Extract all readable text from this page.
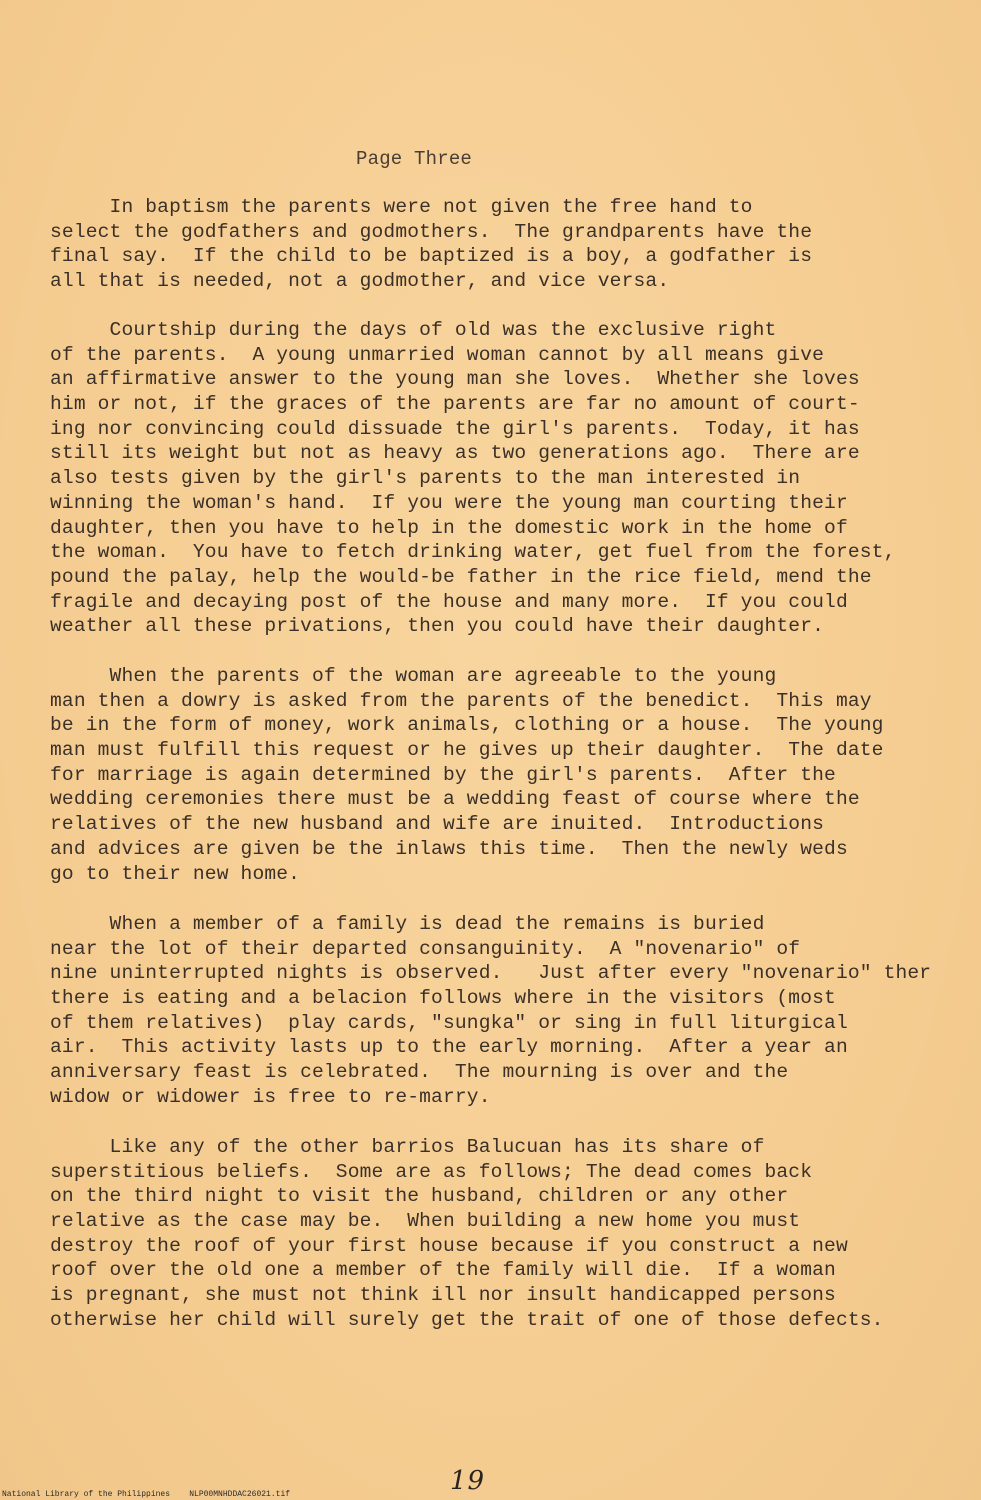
Page Three
In baptism the parents were not given the free hand to
select the godfathers and godmothers.  The grandparents have the
final say.  If the child to be baptized is a boy, a godfather is
all that is needed, not a godmother, and vice versa.
Courtship during the days of old was the exclusive right
of the parents.  A young unmarried woman cannot by all means give
an affirmative answer to the young man she loves.  Whether she loves
him or not, if the graces of the parents are far no amount of court-
ing nor convincing could dissuade the girl's parents.  Today, it has
still its weight but not as heavy as two generations ago.  There are
also tests given by the girl's parents to the man interested in
winning the woman's hand.  If you were the young man courting their
daughter, then you have to help in the domestic work in the home of
the woman.  You have to fetch drinking water, get fuel from the forest,
pound the palay, help the would-be father in the rice field, mend the
fragile and decaying post of the house and many more.  If you could
weather all these privations, then you could have their daughter.
When the parents of the woman are agreeable to the young
man then a dowry is asked from the parents of the benedict.  This may
be in the form of money, work animals, clothing or a house.  The young
man must fulfill this request or he gives up their daughter.  The date
for marriage is again determined by the girl's parents.  After the
wedding ceremonies there must be a wedding feast of course where the
relatives of the new husband and wife are inuited.  Introductions
and advices are given be the inlaws this time.  Then the newly weds
go to their new home.
When a member of a family is dead the remains is buried
near the lot of their departed consanguinity.  A "novenario" of
nine uninterrupted nights is observed.   Just after every "novenario" ther
there is eating and a belacion follows where in the visitors (most
of them relatives)  play cards, "sungka" or sing in full liturgical
air.  This activity lasts up to the early morning.  After a year an
anniversary feast is celebrated.  The mourning is over and the
widow or widower is free to re-marry.
Like any of the other barrios Balucuan has its share of
superstitious beliefs.  Some are as follows; The dead comes back
on the third night to visit the husband, children or any other
relative as the case may be.  When building a new home you must
destroy the roof of your first house because if you construct a new
roof over the old one a member of the family will die.  If a woman
is pregnant, she must not think ill nor insult handicapped persons
otherwise her child will surely get the trait of one of those defects.
19
National Library of the Philippines    NLP00MNHDDAC26021.tif
